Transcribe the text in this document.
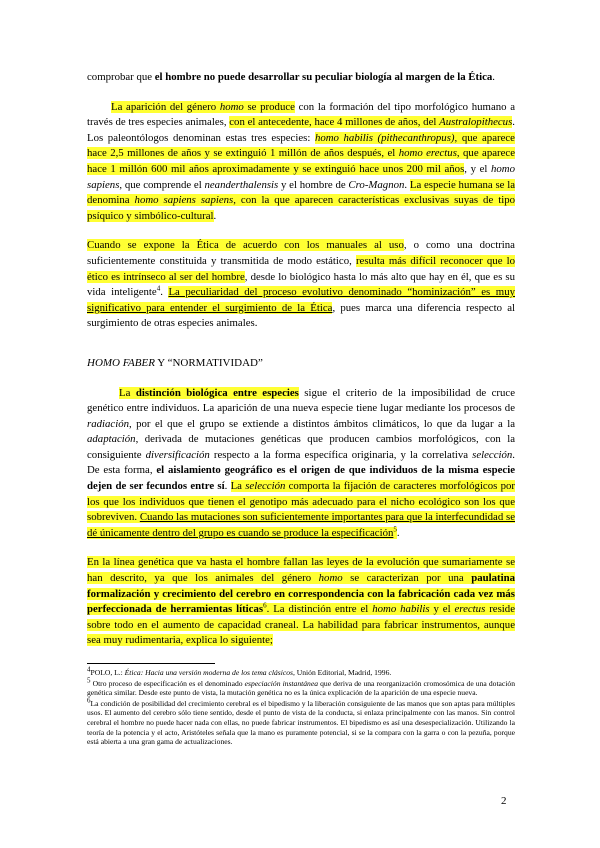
comprobar que el hombre no puede desarrollar su peculiar biología al margen de la Ética.

La aparición del género homo se produce con la formación del tipo morfológico humano a través de tres especies animales, con el antecedente, hace 4 millones de años, del Australopithecus. Los paleontólogos denominan estas tres especies: homo habilis (pithecanthropus), que aparece hace 2,5 millones de años y se extinguió 1 millón de años después, el homo erectus, que aparece hace 1 millón 600 mil años aproximadamente y se extinguió hace unos 200 mil años, y el homo sapiens, que comprende el neanderthalensis y el hombre de Cro-Magnon. La especie humana se la denomina homo sapiens sapiens, con la que aparecen características exclusivas suyas de tipo psíquico y simbólico-cultural.

Cuando se expone la Ética de acuerdo con los manuales al uso, o como una doctrina suficientemente constituida y transmitida de modo estático, resulta más difícil reconocer que lo ético es intrínseco al ser del hombre, desde lo biológico hasta lo más alto que hay en él, que es su vida inteligente$^4$. La peculiaridad del proceso evolutivo denominado “hominización” es muy significativo para entender el surgimiento de la Ética, pues marca una diferencia respecto al surgimiento de otras especies animales.

HOMO FABER Y “NORMATIVIDAD”

La distinción biológica entre especies sigue el criterio de la imposibilidad de cruce genético entre individuos. La aparición de una nueva especie tiene lugar mediante los procesos de radiación, por el que el grupo se extiende a distintos ámbitos climáticos, lo que da lugar a la adaptación, derivada de mutaciones genéticas que producen cambios morfológicos, con la consiguiente diversificación respecto a la forma específica originaria, y la correlativa selección. De esta forma, el aislamiento geográfico es el origen de que individuos de la misma especie dejen de ser fecundos entre sí. La selección comporta la fijación de caracteres morfológicos por los que los individuos que tienen el genotipo más adecuado para el nicho ecológico son los que sobreviven. Cuando las mutaciones son suficientemente importantes para que la interfecundidad se dé únicamente dentro del grupo es cuando se produce la especificación$^5$.

En la línea genética que va hasta el hombre fallan las leyes de la evolución que sumariamente se han descrito, ya que los animales del género homo se caracterizan por una paulatina formalización y crecimiento del cerebro en correspondencia con la fabricación cada vez más perfeccionada de herramientas líticas$^6$. La distinción entre el homo habilis y el erectus reside sobre todo en el aumento de capacidad craneal. La habilidad para fabricar instrumentos, aunque sea muy rudimentaria, explica lo siguiente;

$^4$POLO, L.: Ética: Hacia una versión moderna de los tema clásicos, Unión Editorial, Madrid, 1996.

$^5$ Otro proceso de especificación es el denominado especiación instantánea que deriva de una reorganización cromosómica de una dotación genética similar. Desde este punto de vista, la mutación genética no es la única explicación de la aparición de una especie nueva.

$^6$La condición de posibilidad del crecimiento cerebral es el bipedismo y la liberación consiguiente de las manos que son aptas para múltiples usos. El aumento del cerebro sólo tiene sentido, desde el punto de vista de la conducta, si enlaza principalmente con las manos. Sin control cerebral el hombre no puede hacer nada con ellas, no puede fabricar instrumentos. El bipedismo es así una desespecialización. Utilizando la teoría de la potencia y el acto, Aristóteles señala que la mano es puramente potencial, si se la compara con la garra o con la pezuña, porque está abierta a una gran gama de actualizaciones.

2
